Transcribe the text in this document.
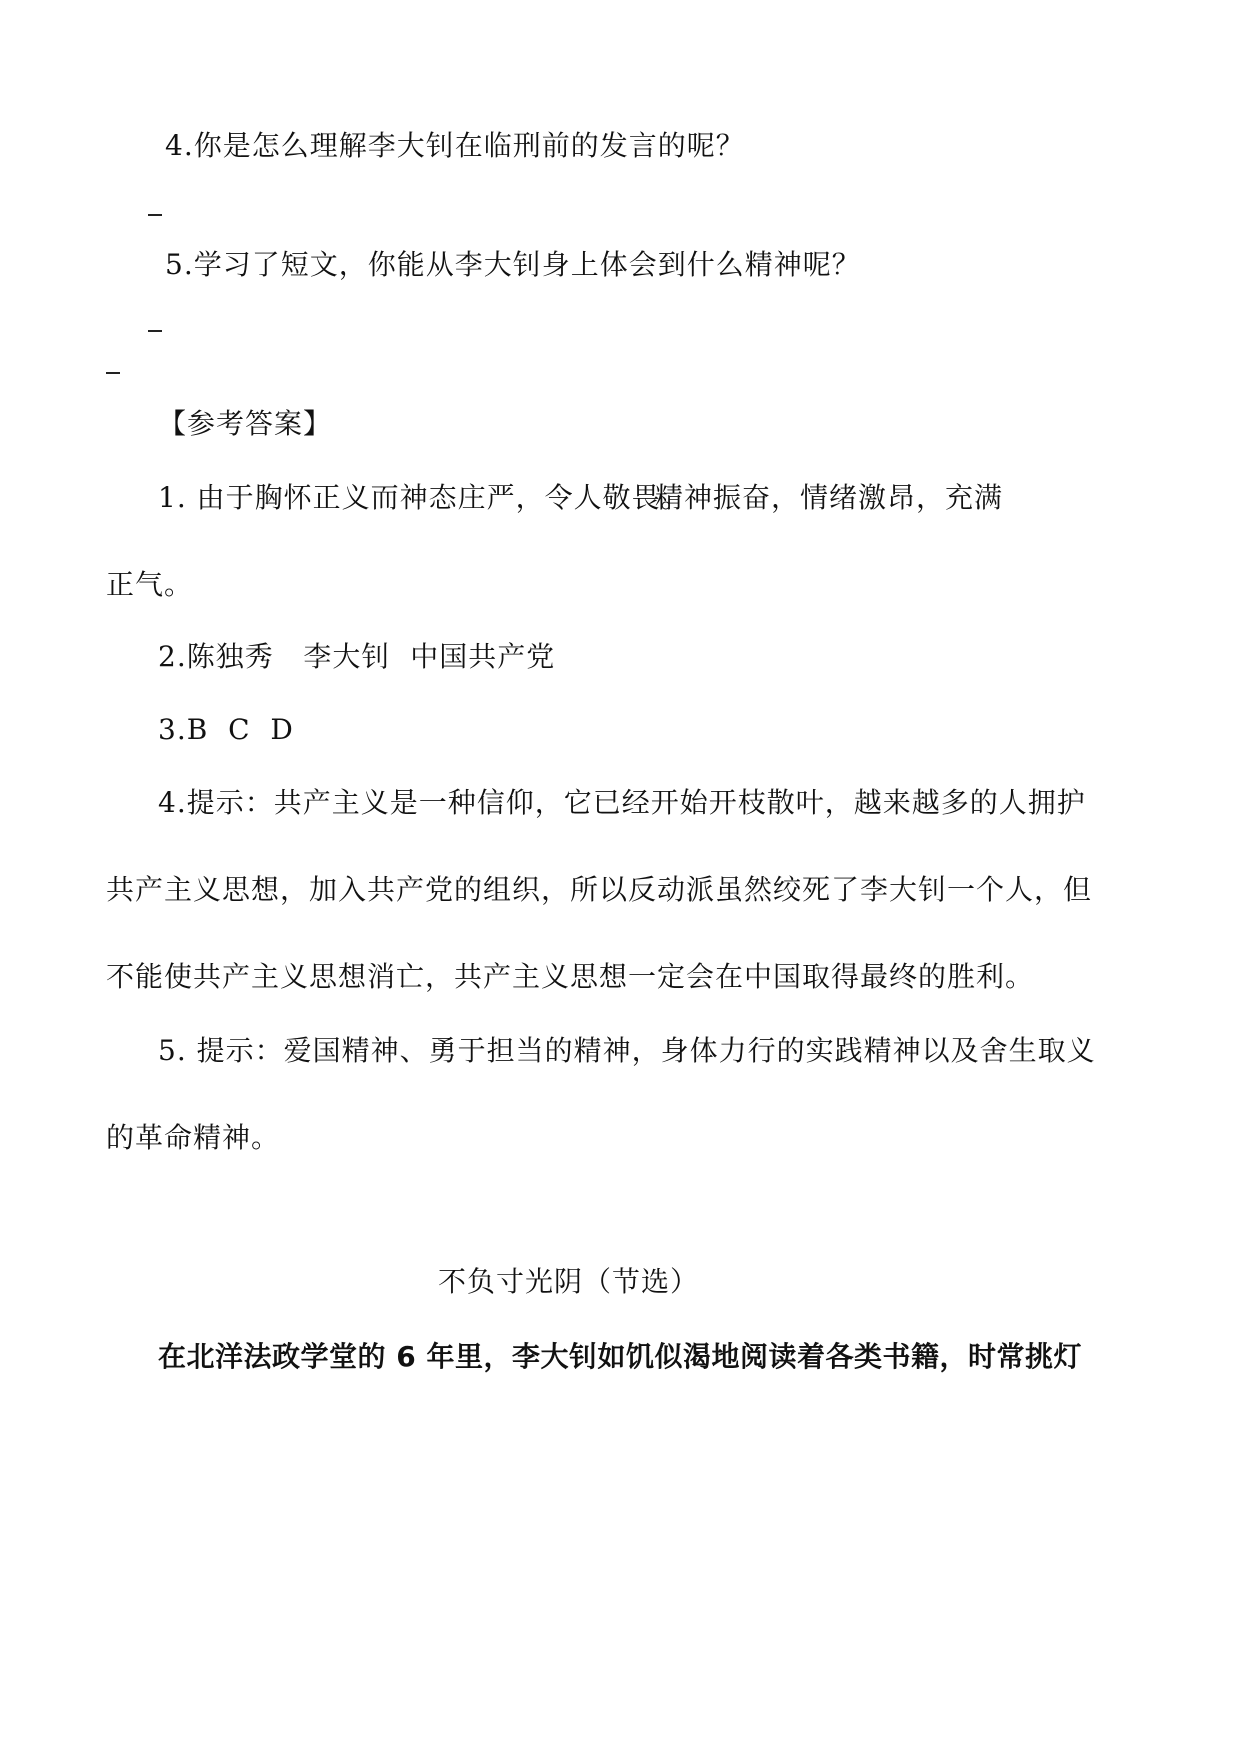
4.你是怎么理解李大钊在临刑前的发言的呢？
5.学习了短文，你能从李大钊身上体会到什么精神呢？
【参考答案】
1. 由于胸怀正义而神态庄严，令人敬畏。
精神振奋，情绪激昂，充满
正气。
2.陈独秀   李大钊  中国共产党
3.B  C  D
4.提示：共产主义是一种信仰，它已经开始开枝散叶，越来越多的人拥护
共产主义思想，加入共产党的组织，所以反动派虽然绞死了李大钊一个人，但
不能使共产主义思想消亡，共产主义思想一定会在中国取得最终的胜利。
5. 提示：爱国精神、勇于担当的精神，身体力行的实践精神以及舍生取义
的革命精神。
不负寸光阴（节选）
在北洋法政学堂的 6 年里，李大钊如饥似渴地阅读着各类书籍，时常挑灯
